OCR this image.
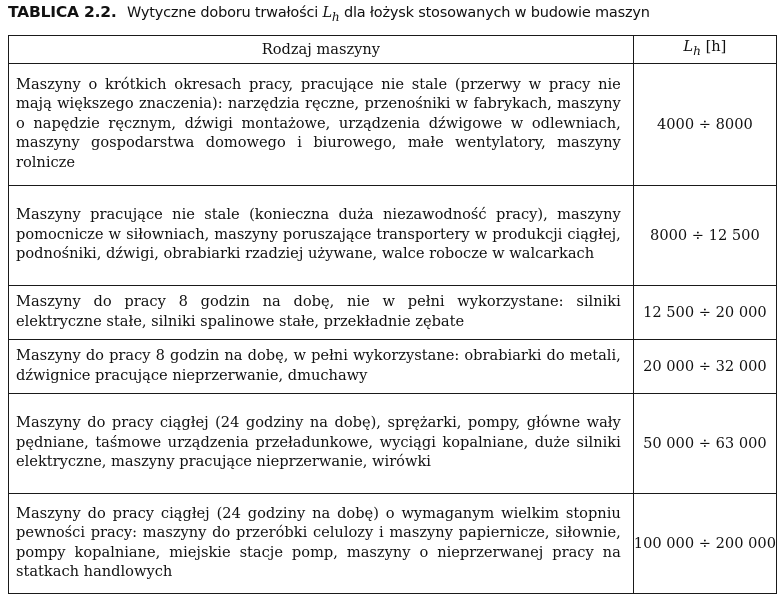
TABLICA 2.2. Wytyczne doboru trwałości $L_h$ dla łożysk stosowanych w budowie maszyn
Rodzaj maszyny	$L_h$ [h]
Maszyny o krótkich okresach pracy, pracujące nie stale (przerwy w pracy nie mają większego znaczenia): narzędzia ręczne, przenośniki w fabrykach, maszyny o napędzie ręcznym, dźwigi montażowe, urządzenia dźwigowe w odlewniach, maszyny gospodarstwa domowego i biurowego, małe wentylatory, maszyny rolnicze	4000 ÷ 8000
Maszyny pracujące nie stale (konieczna duża niezawodność pracy), maszyny pomocnicze w siłowniach, maszyny poruszające transportery w produkcji ciągłej, podnośniki, dźwigi, obrabiarki rzadziej używane, walce robocze w walcarkach	8000 ÷ 12 500
Maszyny do pracy 8 godzin na dobę, nie w pełni wykorzystane: silniki elektryczne stałe, silniki spalinowe stałe, przekładnie zębate	12 500 ÷ 20 000
Maszyny do pracy 8 godzin na dobę, w pełni wykorzystane: obrabiarki do metali, dźwignice pracujące nieprzerwanie, dmuchawy	20 000 ÷ 32 000
Maszyny do pracy ciągłej (24 godziny na dobę), sprężarki, pompy, główne wały pędniane, taśmowe urządzenia przeładunkowe, wyciągi kopalniane, duże silniki elektryczne, maszyny pracujące nieprzerwanie, wirówki	50 000 ÷ 63 000
Maszyny do pracy ciągłej (24 godziny na dobę) o wymaganym wielkim stopniu pewności pracy: maszyny do przeróbki celulozy i maszyny papiernicze, siłownie, pompy kopalniane, miejskie stacje pomp, maszyny o nieprzerwanej pracy na statkach handlowych	100 000 ÷ 200 000
